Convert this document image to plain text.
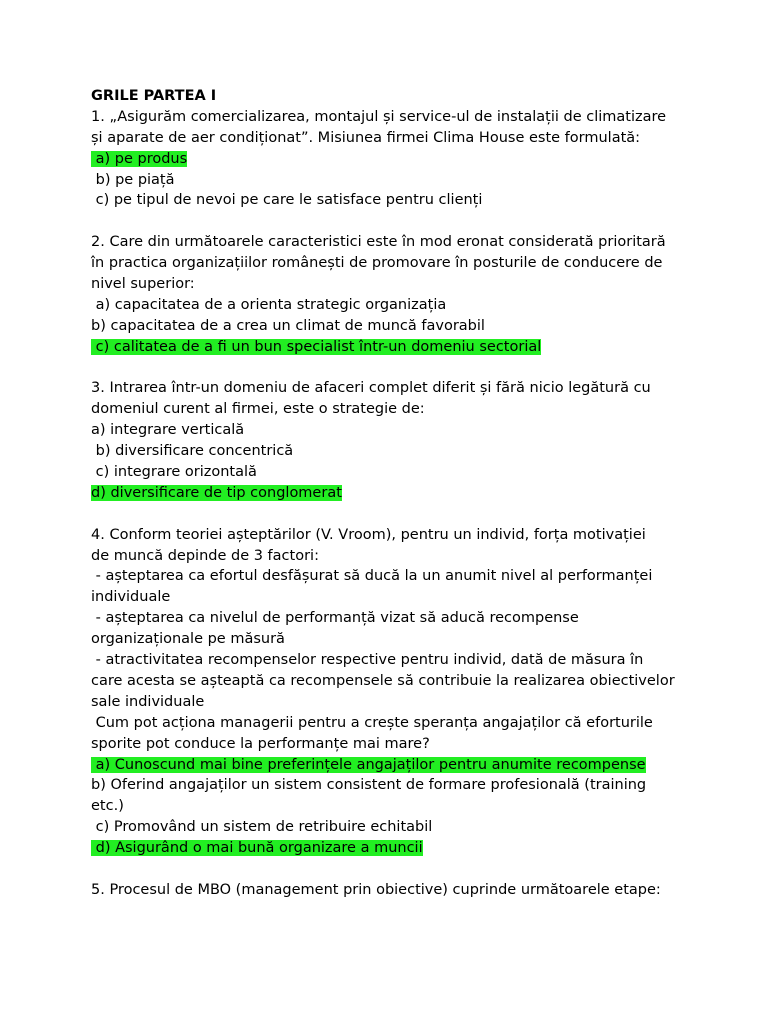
GRILE PARTEA I
1. „Asigurăm comercializarea, montajul și service-ul de instalații de climatizare
și aparate de aer condiționat”. Misiunea firmei Clima House este formulată:
a) pe produs
b) pe piață
c) pe tipul de nevoi pe care le satisface pentru clienți
2. Care din următoarele caracteristici este în mod eronat considerată prioritară
în practica organizațiilor românești de promovare în posturile de conducere de
nivel superior:
a) capacitatea de a orienta strategic organizația
b) capacitatea de a crea un climat de muncă favorabil
c) calitatea de a fi un bun specialist într-un domeniu sectorial
3. Intrarea într-un domeniu de afaceri complet diferit și fără nicio legătură cu
domeniul curent al firmei, este o strategie de:
a) integrare verticală
b) diversificare concentrică
c) integrare orizontală
d) diversificare de tip conglomerat
4. Conform teoriei așteptărilor (V. Vroom), pentru un individ, forța motivației
de muncă depinde de 3 factori:
- așteptarea ca efortul desfășurat să ducă la un anumit nivel al performanței
individuale
- așteptarea ca nivelul de performanță vizat să aducă recompense
organizaționale pe măsură
- atractivitatea recompenselor respective pentru individ, dată de măsura în
care acesta se așteaptă ca recompensele să contribuie la realizarea obiectivelor
sale individuale
Cum pot acționa managerii pentru a crește speranța angajaților că eforturile
sporite pot conduce la performanțe mai mare?
a) Cunoscund mai bine preferințele angajaților pentru anumite recompense
b) Oferind angajaților un sistem consistent de formare profesională (training
etc.)
c) Promovând un sistem de retribuire echitabil
d) Asigurând o mai bună organizare a muncii
5. Procesul de MBO (management prin obiective) cuprinde următoarele etape:
